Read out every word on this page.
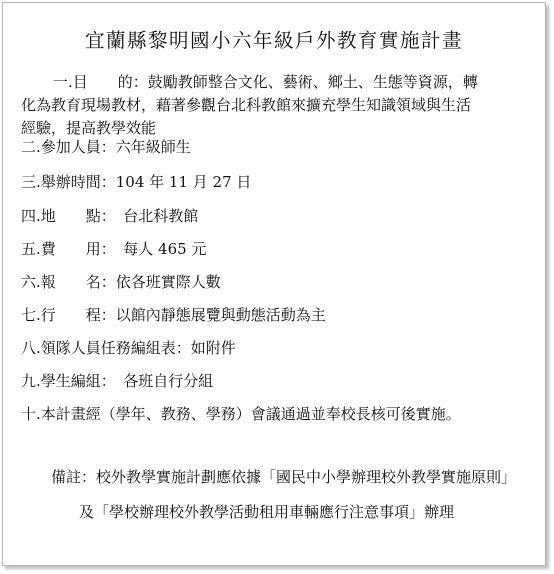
宜蘭縣黎明國小六年級戶外教育實施計畫
一.目　　的：鼓勵教師整合文化、藝術、鄉土、生態等資源，轉
化為教育現場教材，藉著參觀台北科教館來擴充學生知識領域與生活
經驗，提高教學效能
二.參加人員：六年級師生
三.舉辦時間：104 年 11 月 27 日
四.地　　點：　台北科教館
五.費　　用：　每人 465 元
六.報　　名：依各班實際人數
七.行　　程：以館內靜態展覽與動態活動為主
八.領隊人員任務編組表：如附件
九.學生編組：　各班自行分組
十.本計畫經（學年、教務、學務）會議通過並奉校長核可後實施。
備註：校外教學實施計劃應依據「國民中小學辦理校外教學實施原則」
及「學校辦理校外教學活動租用車輛應行注意事項」辦理
